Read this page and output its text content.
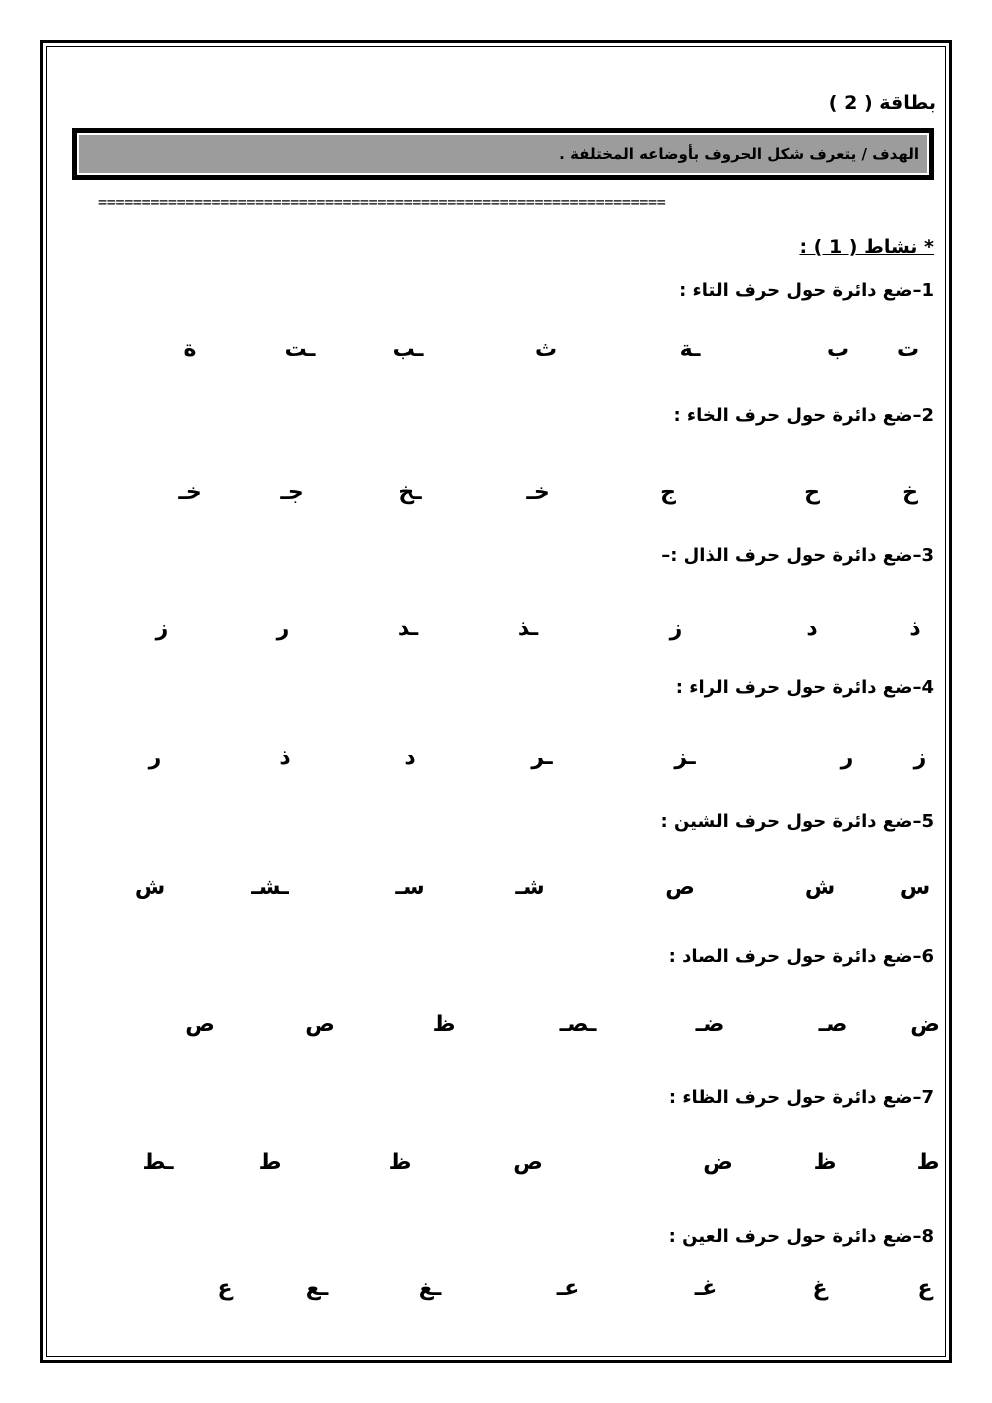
بطاقة ( 2 )
الهدف / يتعرف شكل الحروف بأوضاعه المختلفة .
=================================================================
* نشاط ( 1 ) :
1–ضع دائرة حول حرف التاء :
ت
ب
ـة
ث
ـب
ـت
ة
2–ضع دائرة حول حرف الخاء :
خ
ح
ج
خـ
ـخ
جـ
خـ
3–ضع دائرة حول حرف الذال :–
ذ
د
ز
ـذ
ـد
ر
ز
4–ضع دائرة حول حرف الراء :
ز
ر
ـز
ـر
د
ذ
ر
5–ضع دائرة حول حرف الشين :
س
ش
ص
شـ
سـ
ـشـ
ش
6–ضع دائرة حول حرف الصاد :
ض
صـ
ضـ
ـصـ
ظ
ص
ص
7–ضع دائرة حول حرف الظاء :
ط
ظ
ض
ص
ظ
ط
ـط
8–ضع دائرة حول حرف العين :
ع
غ
غـ
عـ
ـغ
ـع
ع
